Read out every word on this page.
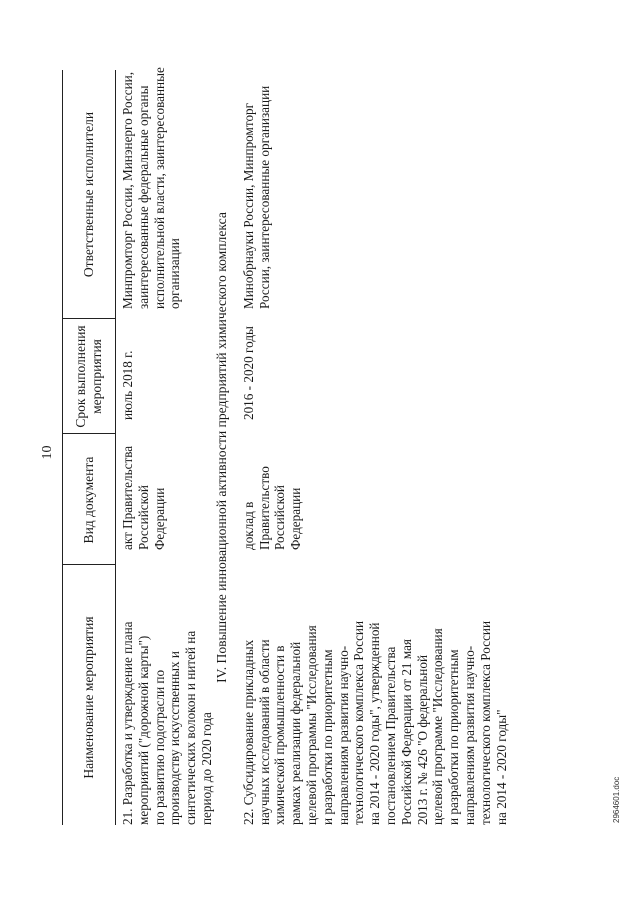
10
Наименование мероприятия
Вид документа
Срок выполнения мероприятия
Ответственные исполнители
21. Разработка и утверждение плана мероприятий ("дорожной карты") по развитию подотрасли по производству искусственных и синтетических волокон и нитей на период до 2020 года
акт Правительства Российской Федерации
июль 2018 г.
Минпромторг России, Минэнерго России, заинтересованные федеральные органы исполнительной власти, заинтересованные организации	IV. Повышение инновационной активности предприятий химического комплекса
22. Субсидирование прикладных научных исследований в области химической промышленности в рамках реализации федеральной целевой программы "Исследования и разработки по приоритетным направлениям развития научно-технологического комплекса России на 2014 - 2020 годы", утвержденной постановлением Правительства Российской Федерации от 21 мая 2013 г. № 426 "О федеральной целевой программе "Исследования и разработки по приоритетным направлениям развития научно-технологического комплекса России на 2014 - 2020 годы"
доклад в Правительство Российской Федерации
2016 - 2020 годы
Минобрнауки России, Минпромторг России, заинтересованные организации
2964601.doc
